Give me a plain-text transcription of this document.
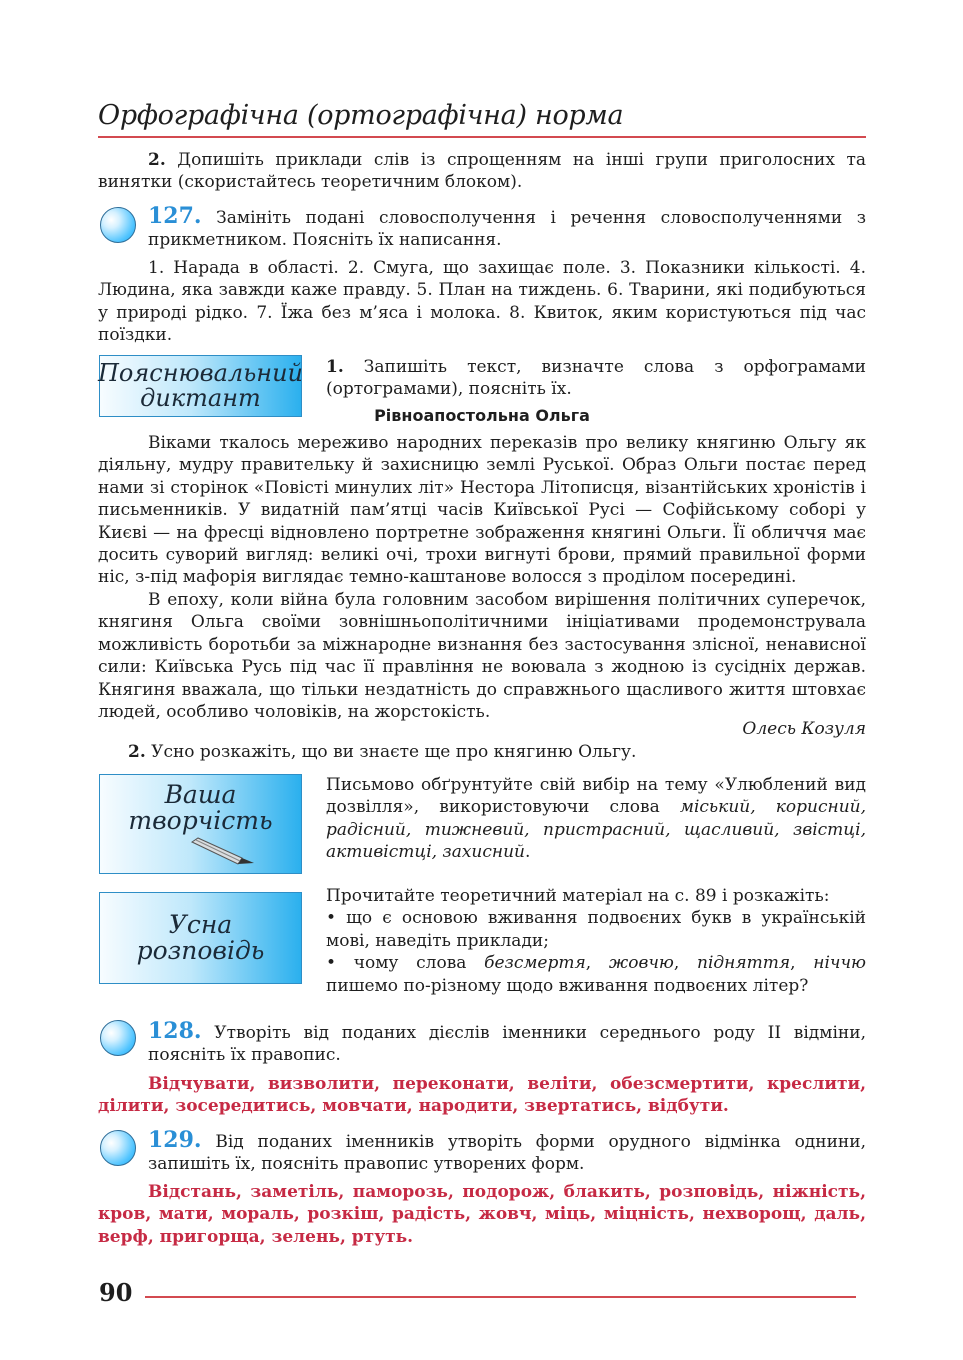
Орфографічна (ортографічна) норма

2. Допишіть приклади слів із спрощенням на інші групи приголосних та винятки (скористайтесь теоретичним блоком).

127. Замініть подані словосполучення і речення словосполученнями з прикметником. Поясніть їх написання.

1. Нарада в області. 2. Смуга, що захищає поле. 3. Показники кількості. 4. Людина, яка завжди каже правду. 5. План на тиждень. 6. Тварини, які подибуються у природі рідко. 7. Їжа без м’яса і молока. 8. Квиток, яким користуються під час поїздки.

Пояснювальний
диктант

1. Запишіть текст, визначте слова з орфограмами (ортограмами), поясніть їх.

Рівноапостольна Ольга

Віками ткалось мереживо народних переказів про велику княгиню Ольгу як діяльну, мудру правительку й захисницю землі Руської. Образ Ольги постає перед нами зі сторінок «Повісті минулих літ» Нестора Літописця, візантійських хроністів і письменників. У видатній пам’ятці часів Київської Русі — Софійському соборі у Києві — на фресці відновлено портретне зображення княгині Ольги. Її обличчя має досить суворий вигляд: великі очі, трохи вигнуті брови, прямий правильної форми ніс, з-під мафорія виглядає темно-каштанове волосся з проділом посередині.

В епоху, коли війна була головним засобом вирішення політичних суперечок, княгиня Ольга своїми зовнішньополітичними ініціативами продемонструвала можливість боротьби за міжнародне визнання без застосування злісної, ненависної сили: Київська Русь під час її правління не воювала з жодною із сусідніх держав. Княгиня вважала, що тільки нездатність до справжнього щасливого життя штовхає людей, особливо чоловіків, на жорстокість.

Олесь Козуля

2. Усно розкажіть, що ви знаєте ще про княгиню Ольгу.

Ваша
творчість

Письмово обґрунтуйте свій вибір на тему «Улюблений вид дозвілля», використовуючи слова міський, корисний, радісний, тижневий, пристрасний, щасливий, звістці, активістці, захисний.

Усна
розповідь

Прочитайте теоретичний матеріал на с. 89 і розкажіть:

• що є основою вживання подвоєних букв в українській мові, наведіть приклади;

• чому слова безсмертя, жовчю, підняття, ніччю пишемо по-різному щодо вживання подвоєних літер?

128. Утворіть від поданих дієслів іменники середнього роду ІІ відміни, поясніть їх правопис.

Відчувати, визволити, переконати, веліти, обезсмертити, креслити, ділити, зосередитись, мовчати, народити, звертатись, відбути.

129. Від поданих іменників утворіть форми орудного відмінка однини, запишіть їх, поясніть правопис утворених форм.

Відстань, заметіль, паморозь, подорож, блакить, розповідь, ніжність, кров, мати, мораль, розкіш, радість, жовч, міць, міцність, нехворощ, даль, верф, пригорща, зелень, ртуть.

90
